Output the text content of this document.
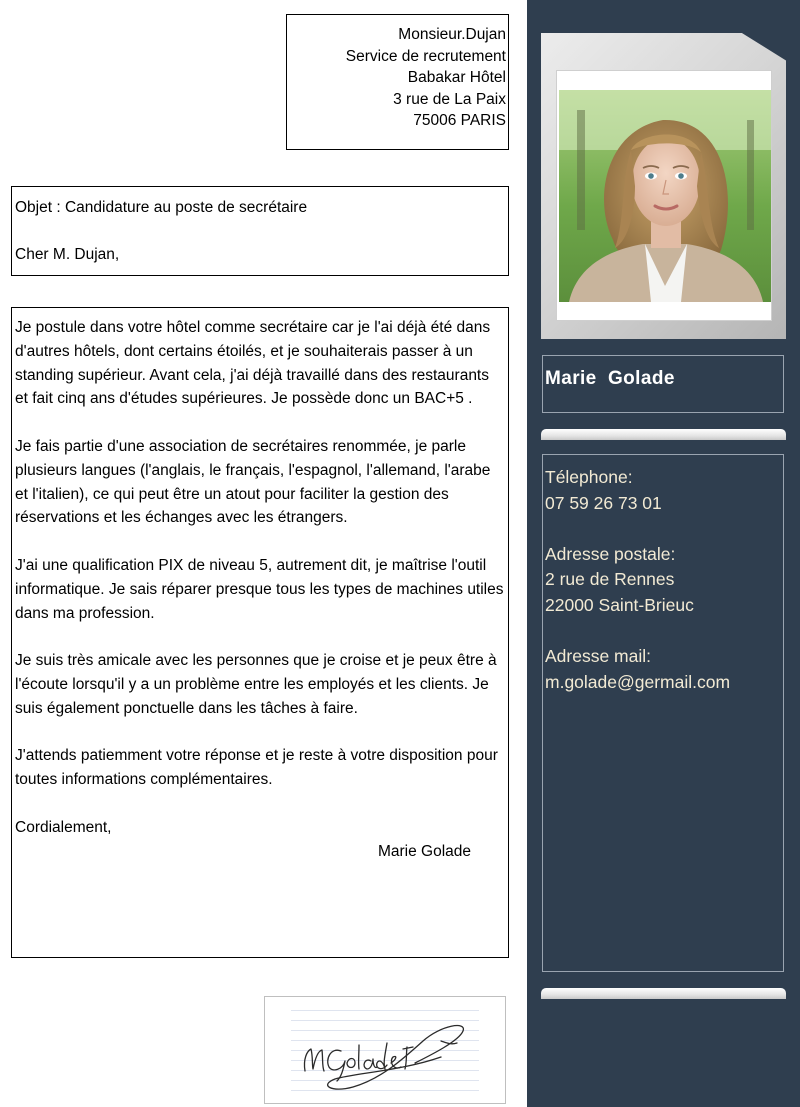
Monsieur.Dujan
Service de recrutement
Babakar Hôtel
3 rue de La Paix
75006 PARIS
Objet : Candidature au poste de secrétaire
Cher M. Dujan,

Je postule dans votre hôtel comme secrétaire car je l'ai déjà été dans d'autres hôtels, dont certains étoilés, et je souhaiterais passer à un standing supérieur. Avant cela, j'ai déjà travaillé dans des restaurants et fait cinq ans d'études supérieures. Je possède donc un BAC+5 .

Je fais partie d'une association de secrétaires renommée, je parle plusieurs langues (l'anglais, le français, l'espagnol, l'allemand, l'arabe et l'italien), ce qui peut être un atout pour faciliter la gestion des réservations et les échanges avec les étrangers.

J'ai une qualification PIX de niveau 5, autrement dit, je maîtrise l'outil informatique. Je sais réparer presque tous les types de machines utiles dans ma profession.

Je suis très amicale avec les personnes que je croise et je peux être à l'écoute lorsqu'il y a un problème entre les employés et les clients. Je suis également ponctuelle dans les tâches à faire.

J'attends patiemment votre réponse et je reste à votre disposition pour toutes informations complémentaires.

Cordialement,

Marie Golade
Marie  Golade
Télephone:
07 59 26 73 01
Adresse postale:
2 rue de Rennes
22000 Saint-Brieuc
Adresse mail:
m.golade@germail.com
